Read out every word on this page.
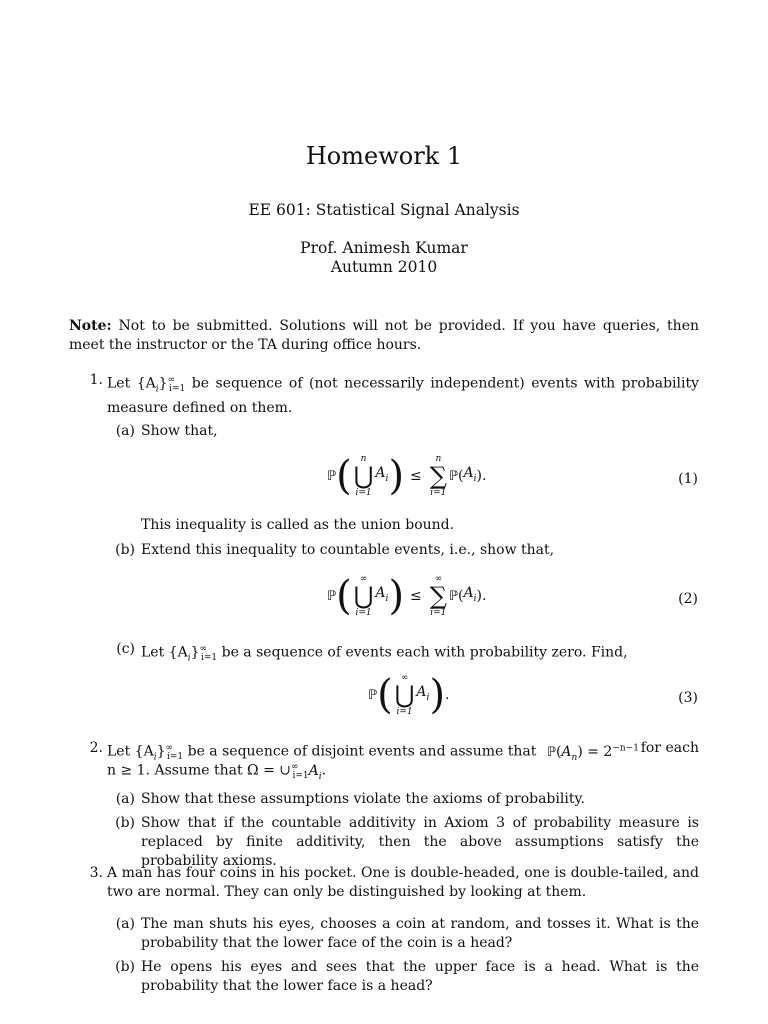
Homework 1
EE 601: Statistical Signal Analysis
Prof. Animesh Kumar
Autumn 2010
Note: Not to be submitted. Solutions will not be provided. If you have queries, then meet the instructor or the TA during office hours.
1. Let $\{A_i\}^\infty_{i=1}$ be sequence of (not necessarily independent) events with probability measure defined on them.
(a) Show that,
ℙ ( n
⋃
i=1
$A_i$ ) ≤
n
∑
i=1
ℙ ( $A_i$ ).	(1)
This inequality is called as the union bound.
(b) Extend this inequality to countable events, i.e., show that,
ℙ ( ∞
⋃
i=1
$A_i$ ) ≤
∞
∑
i=1
ℙ ( $A_i$ ).	(2)
(c) Let $\{A_i\}^\infty_{i=1}$ be a sequence of events each with probability zero. Find,
ℙ ( ∞
⋃
i=1
$A_i$ ) .	(3)
2. Let $\{A_i\}^\infty_{i=1}$ be a sequence of disjoint events and assume that $ℙ(A_n) = 2^{-n-1}$ for each
n ≥ 1. Assume that $\Omega = \cup^\infty_{i=1}A_i$.
(a) Show that these assumptions violate the axioms of probability.
(b) Show that if the countable additivity in Axiom 3 of probability measure is replaced by finite additivity, then the above assumptions satisfy the probability axioms.
3. A man has four coins in his pocket. One is double-headed, one is double-tailed, and two are normal. They can only be distinguished by looking at them.
(a) The man shuts his eyes, chooses a coin at random, and tosses it. What is the probability that the lower face of the coin is a head?
(b) He opens his eyes and sees that the upper face is a head. What is the probability that the lower face is a head?
